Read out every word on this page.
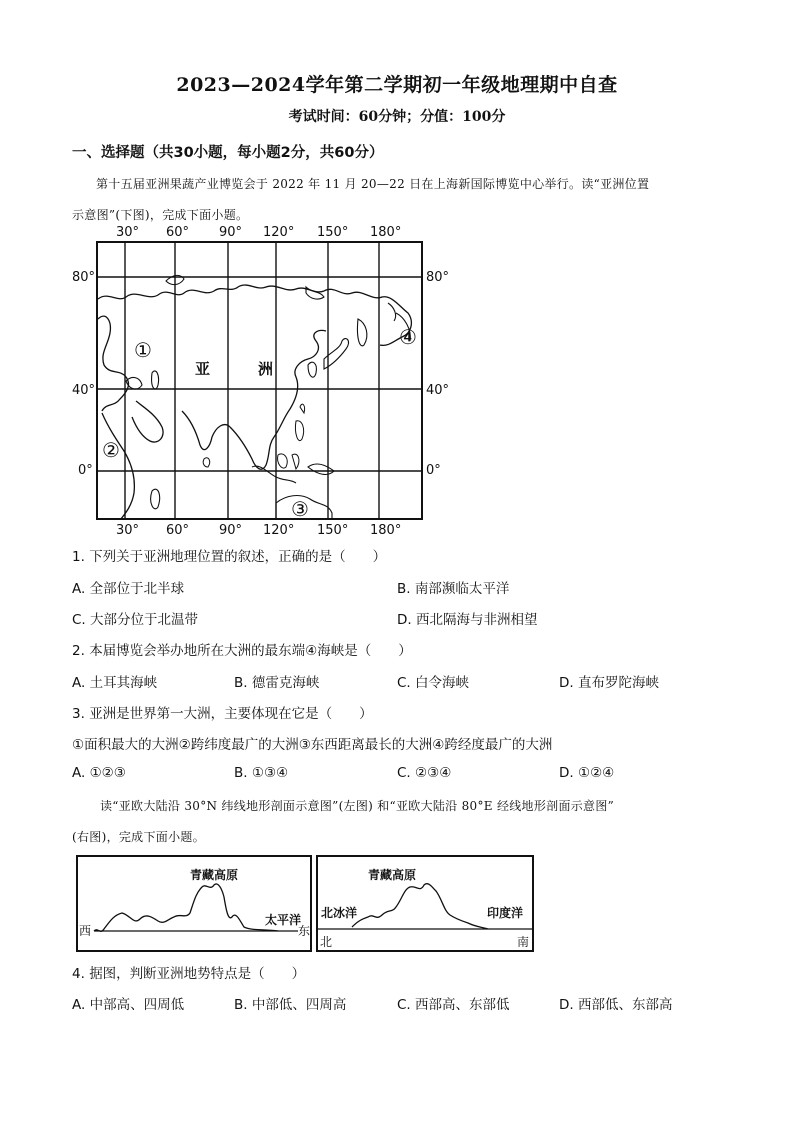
2023—2024学年第二学期初一年级地理期中自查
考试时间：60分钟；分值：100分
一、选择题（共30小题，每小题2分，共60分）
第十五届亚洲果蔬产业博览会于 2022 年 11 月 20—22 日在上海新国际博览中心举行。读“亚洲位置
示意图”(下图)，完成下面小题。
30° 60° 90° 120° 150° 180°
30° 60° 90° 120° 150° 180°
80°
40°
0°
80°
40°
0°
亚	洲
①
②
③
④
1. 下列关于亚洲地理位置的叙述，正确的是（　　）
A. 全部位于北半球	B. 南部濒临太平洋
C. 大部分位于北温带	D. 西北隔海与非洲相望
2. 本届博览会举办地所在大洲的最东端④海峡是（　　）
A. 土耳其海峡	B. 德雷克海峡	C. 白令海峡	D. 直布罗陀海峡
3. 亚洲是世界第一大洲，主要体现在它是（　　）
①面积最大的大洲②跨纬度最广的大洲③东西距离最长的大洲④跨经度最广的大洲
A. ①②③	B. ①③④	C. ②③④	D. ①②④
读“亚欧大陆沿 30°N 纬线地形剖面示意图”(左图) 和“亚欧大陆沿 80°E 经线地形剖面示意图”
(右图)，完成下面小题。
青藏高原
西	东
太平洋
青藏高原
北冰洋	印度洋
北	南
4. 据图，判断亚洲地势特点是（　　）
A. 中部高、四周低	B. 中部低、四周高	C. 西部高、东部低	D. 西部低、东部高
